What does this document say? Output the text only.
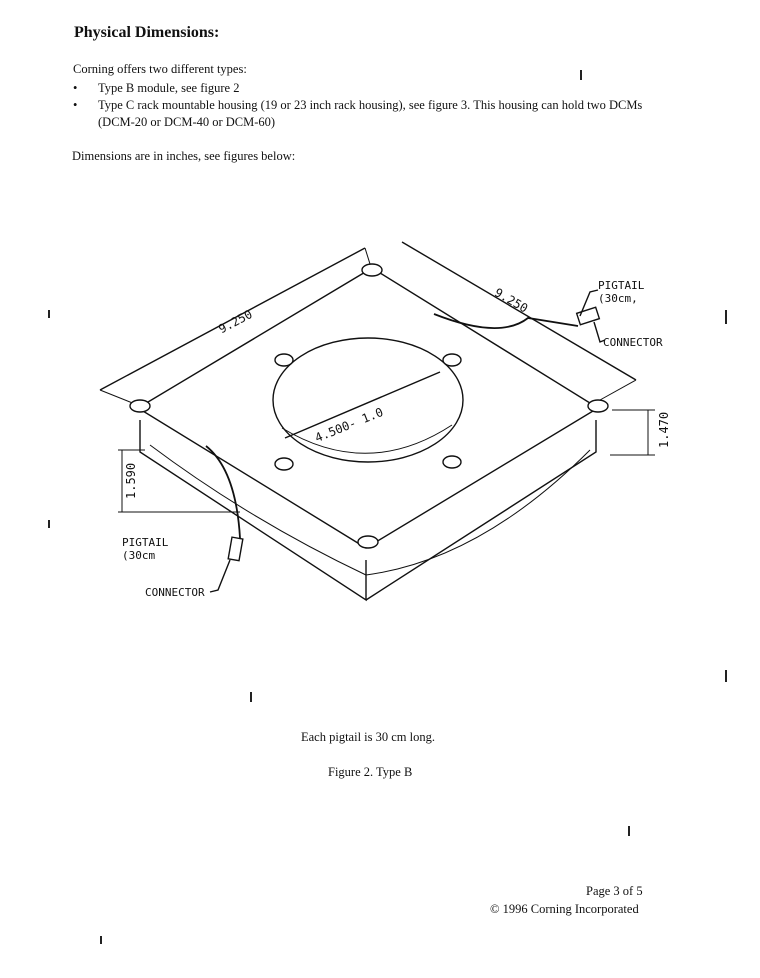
Physical Dimensions:
Corning offers two different types:
• Type B module, see figure 2
• Type C rack mountable housing (19 or 23 inch rack housing), see figure 3. This housing can hold two DCMs (DCM-20 or DCM-40 or DCM-60)
Dimensions are in inches, see figures below:
9.250
9.250
4.500- 1.0
1.590
1.470
PIGTAIL
(30cm,
CONNECTOR
PIGTAIL
(30cm
CONNECTOR
Each pigtail is 30 cm long.
Figure 2. Type B
Page 3 of 5
© 1996 Corning Incorporated
